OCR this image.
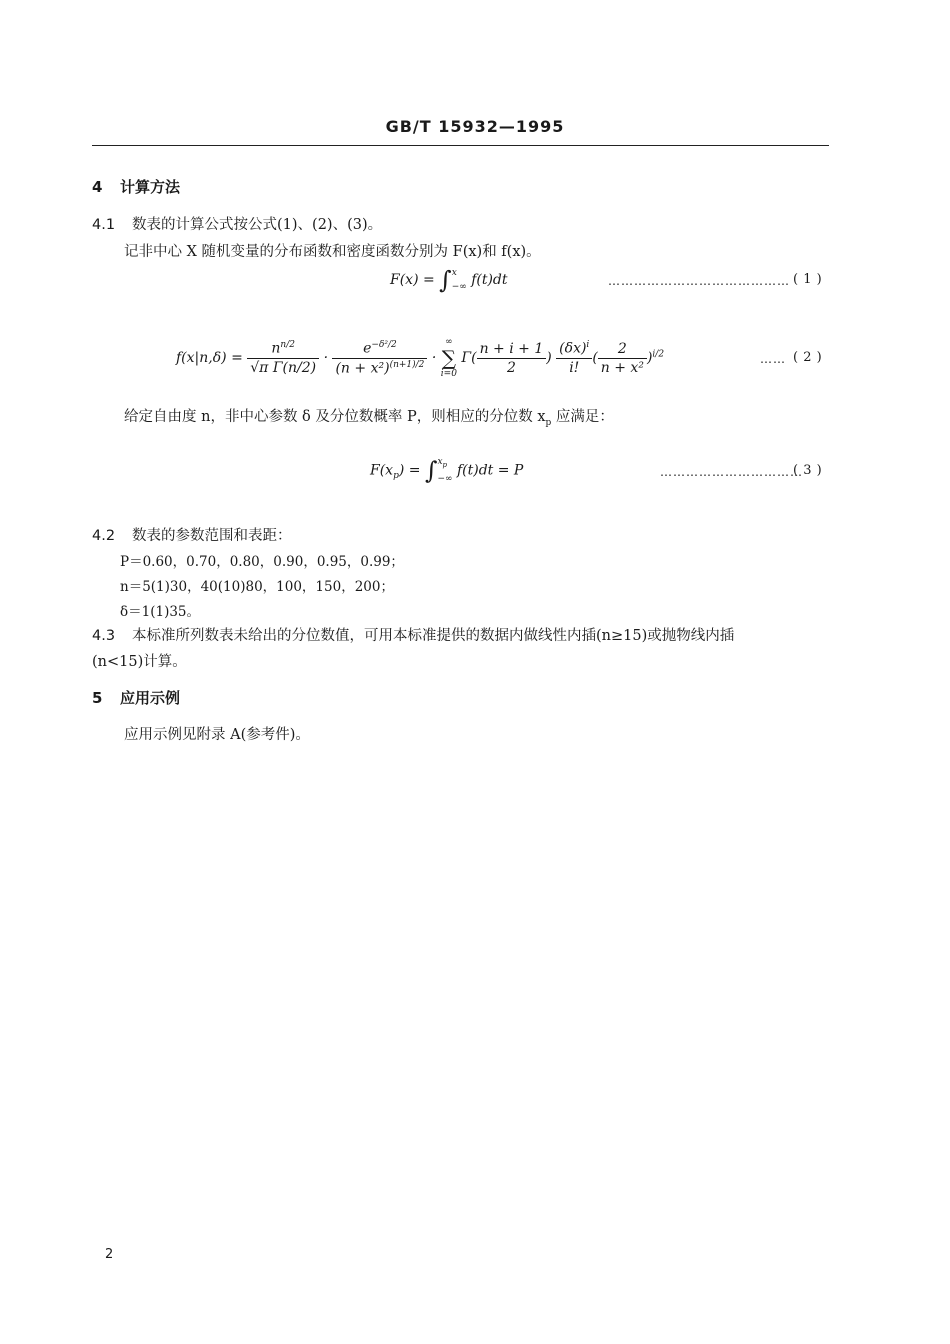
GB/T 15932—1995
4 计算方法
4.1 数表的计算公式按公式(1)、(2)、(3)。
记非中心 X 随机变量的分布函数和密度函数分别为 F(x)和 f(x)。
F(x) = ∫ x
−∞ f(t)dt	…………………………………… ( 1 )
$f(x|n,\delta) = \frac{n^{n/2}}{\text{√π Γ(n/2)}} \cdot \frac{e^{-\delta^2/2}}{(n + x^2)^{(n+1)/2}}$ ·
∞
∑
i=0
$\Gamma( \frac{n + i + 1}{2}$ ) $\frac{(\delta x)^i}{i!}$ ( $\frac{2}{\text{n + x²}} )^{i/2}$	…… ( 2 )
给定自由度 n，非中心参数 δ 及分位数概率 P，则相应的分位数 $x_p$ 应满足：
$F(x_p)$ = ∫ $x_p$
−∞
f(t)dt = P	……………………………
( 3 )
4.2 数表的参数范围和表距：
P＝0.60，0.70，0.80，0.90，0.95，0.99；
n＝5(1)30，40(10)80，100，150，200；
δ＝1(1)35。
4.3 本标准所列数表未给出的分位数值，可用本标准提供的数据内做线性内插(n≥15)或抛物线内插
(n<15)计算。
5 应用示例
应用示例见附录 A(参考件)。
2
